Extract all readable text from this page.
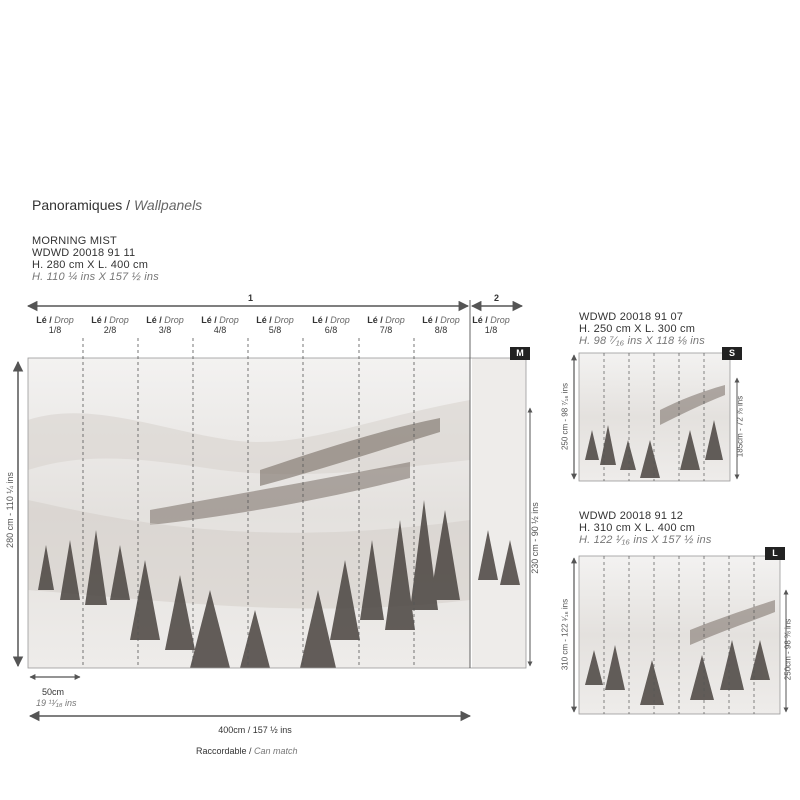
Panoramiques / Wallpanels
MORNING MIST
WDWD 20018 91 11
H. 280 cm X L. 400 cm
H. 110 ¼ ins X 157 ½ ins
1	2
Lé / Drop
1/8
Lé / Drop
2/8
Lé / Drop
3/8
Lé / Drop
4/8
Lé / Drop
5/8
Lé / Drop
6/8
Lé / Drop
7/8
Lé / Drop
8/8
Lé / Drop
1/8
M
280 cm - 110 ¼ ins	230 cm - 90 ½ ins
50cm
19 ¹¹⁄₁₆ ins
400cm / 157 ½ ins
Raccordable / Can match
WDWD 20018 91 07
H. 250 cm X L. 300 cm
H. 98 ⁷⁄₁₆ ins X 118 ⅛ ins
S
250 cm - 98 ⁷⁄₁₆ ins	185cm - 72 ⅞ ins
WDWD 20018 91 12
H. 310 cm X L. 400 cm
H. 122 ¹⁄₁₆ ins X 157 ½ ins
L
310 cm - 122 ¹⁄₁₆ ins	250cm - 98 ⅜ ins
